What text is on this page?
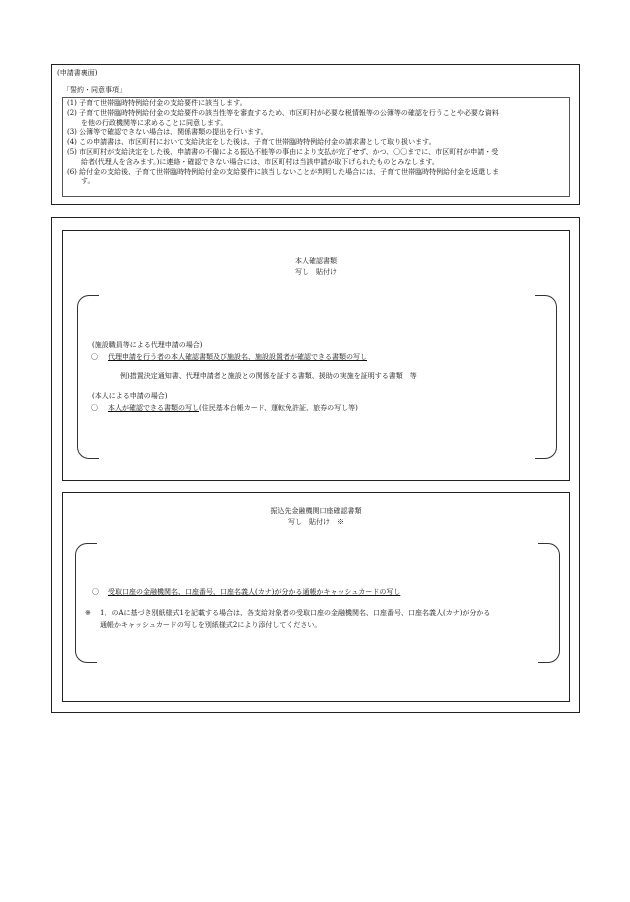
(申請書裏面)
「誓約・同意事項」
(1) 子育て世帯臨時特例給付金の支給要件に該当します。
(2) 子育て世帯臨時特例給付金の支給要件の該当性等を審査するため、市区町村が必要な税情報等の公簿等の確認を行うことや必要な資料
　　を他の行政機関等に求めることに同意します。
(3) 公簿等で確認できない場合は、関係書類の提出を行います。
(4) この申請書は、市区町村において支給決定をした後は、子育て世帯臨時特例給付金の請求書として取り扱います。
(5) 市区町村が支給決定をした後、申請書の不備による振込不能等の事由により支払が完了せず、かつ、〇〇までに、市区町村が申請・受
　　給者(代理人を含みます。)に連絡・確認できない場合には、市区町村は当該申請が取下げられたものとみなします。
(6) 給付金の支給後、子育て世帯臨時特例給付金の支給要件に該当しないことが判明した場合には、子育て世帯臨時特例給付金を返還しま
　　す。
本人確認書類
写し　貼付け
(施設職員等による代理申請の場合)
〇 代理申請を行う者の本人確認書類及び施設名、施設設置者が確認できる書類の写し
例)措置決定通知書、代理申請者と施設との関係を証する書類、援助の実施を証明する書類　等
(本人による申請の場合)
〇 本人が確認できる書類の写し(住民基本台帳カード、運転免許証、旅券の写し等)
振込先金融機関口座確認書類
写し　貼付け　※
〇 受取口座の金融機関名、口座番号、口座名義人(カナ)が分かる通帳かキャッシュカードの写し
※ 1．のAに基づき別紙様式1を記載する場合は、各支給対象者の受取口座の金融機関名、口座番号、口座名義人(カナ)が分かる
通帳かキャッシュカードの写しを別紙様式2により添付してください。
